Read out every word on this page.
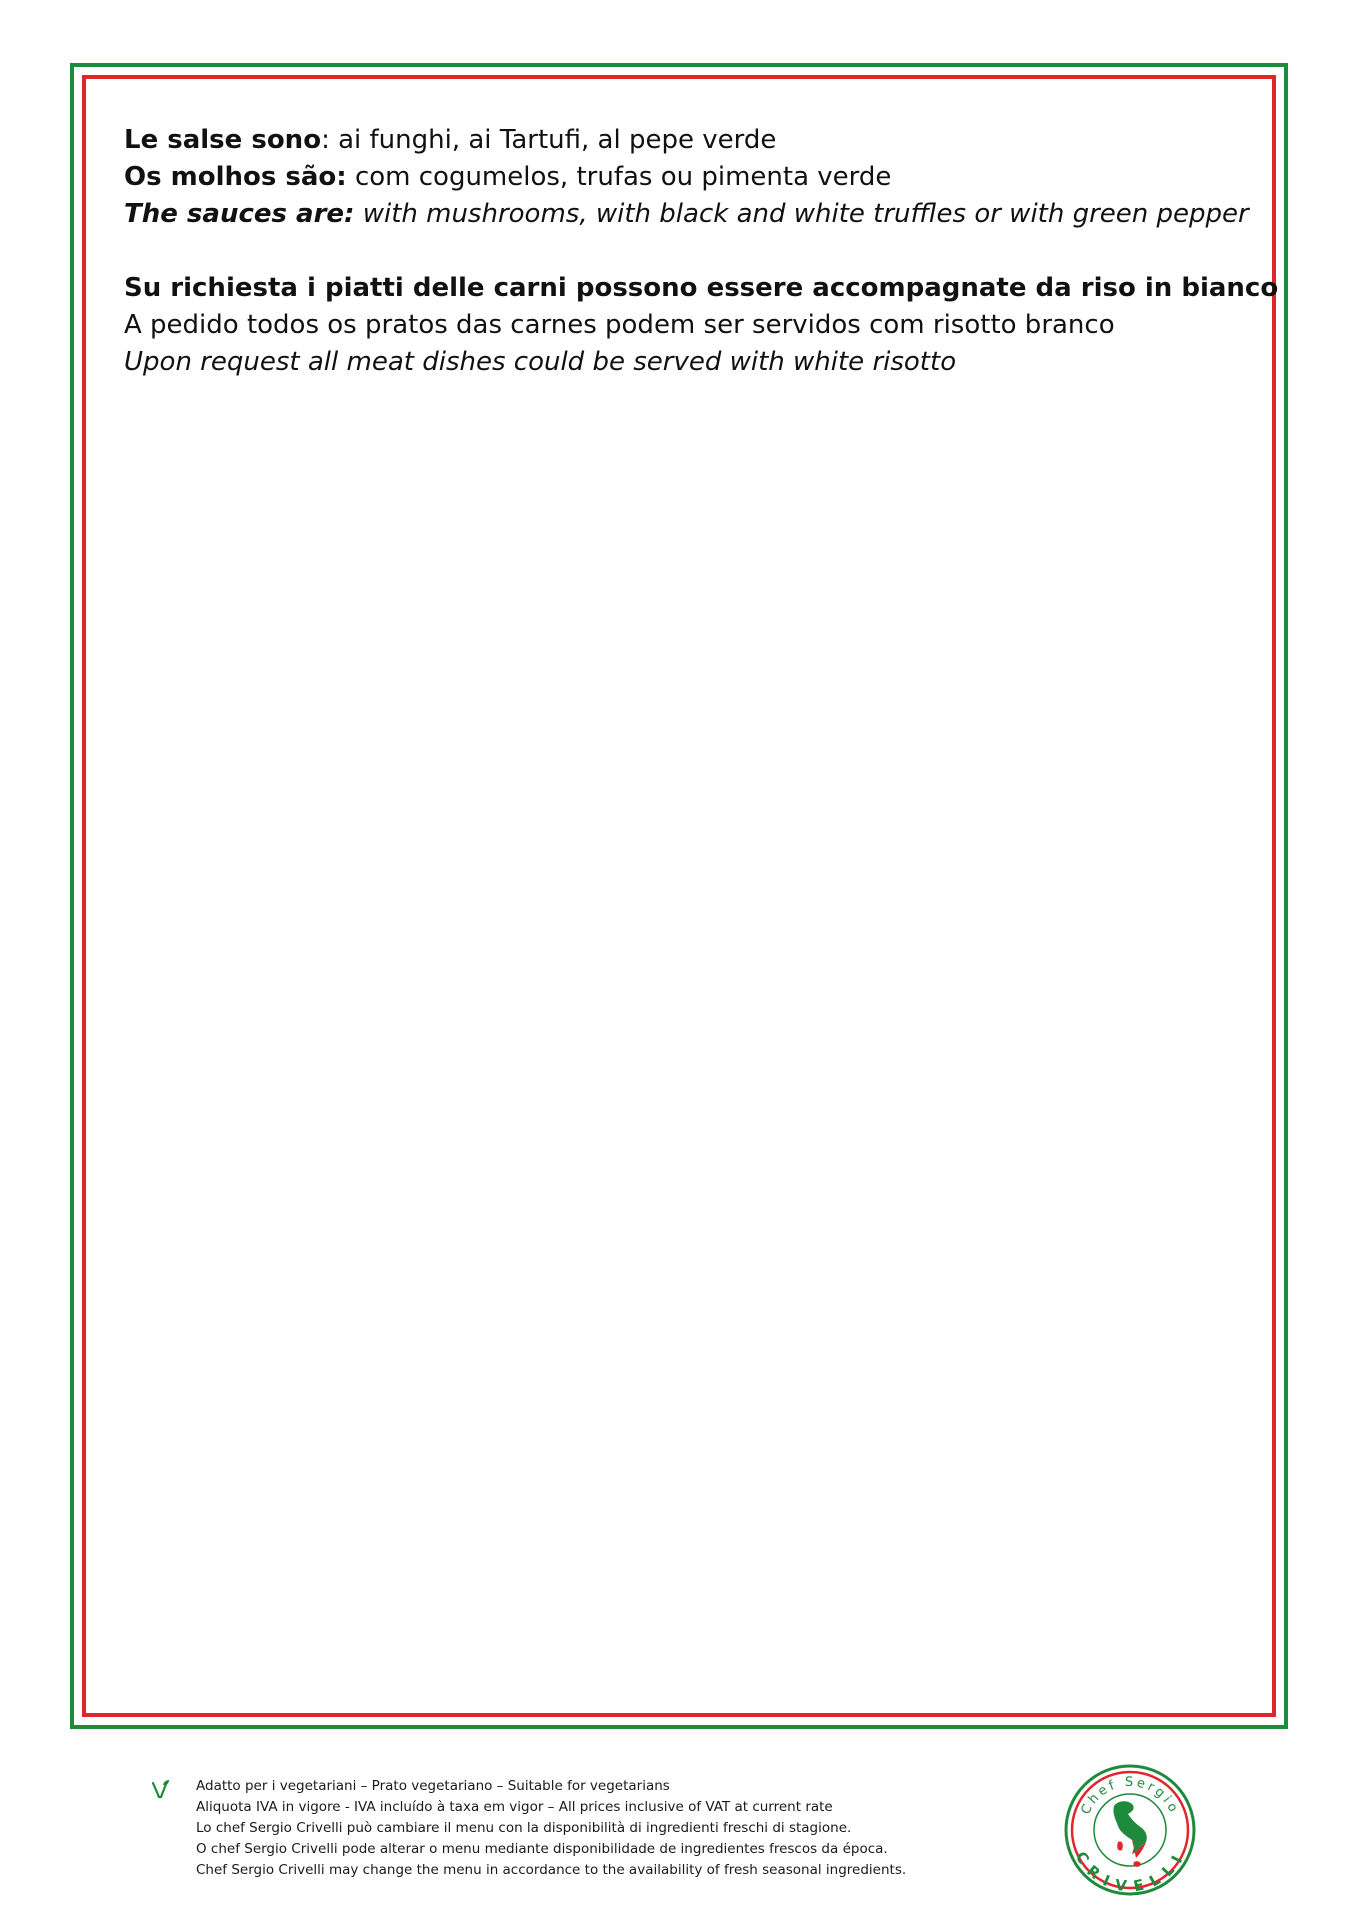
Le salse sono: ai funghi, ai Tartufi, al pepe verde
Os molhos são: com cogumelos, trufas ou pimenta verde
The sauces are: with mushrooms, with black and white truffles or with green pepper
Su richiesta i piatti delle carni possono essere accompagnate da riso in bianco
A pedido todos os pratos das carnes podem ser servidos com risotto branco
Upon request all meat dishes could be served with white risotto
Adatto per i vegetariani – Prato vegetariano – Suitable for vegetarians
Aliquota IVA in vigore - IVA incluído à taxa em vigor – All prices inclusive of VAT at current rate
Lo chef Sergio Crivelli può cambiare il menu con la disponibilità di ingredienti freschi di stagione.
O chef Sergio Crivelli pode alterar o menu mediante disponibilidade de ingredientes frescos da época.
Chef Sergio Crivelli may change the menu in accordance to the availability of fresh seasonal ingredients.
Chef Sergio
CRIVELLI
